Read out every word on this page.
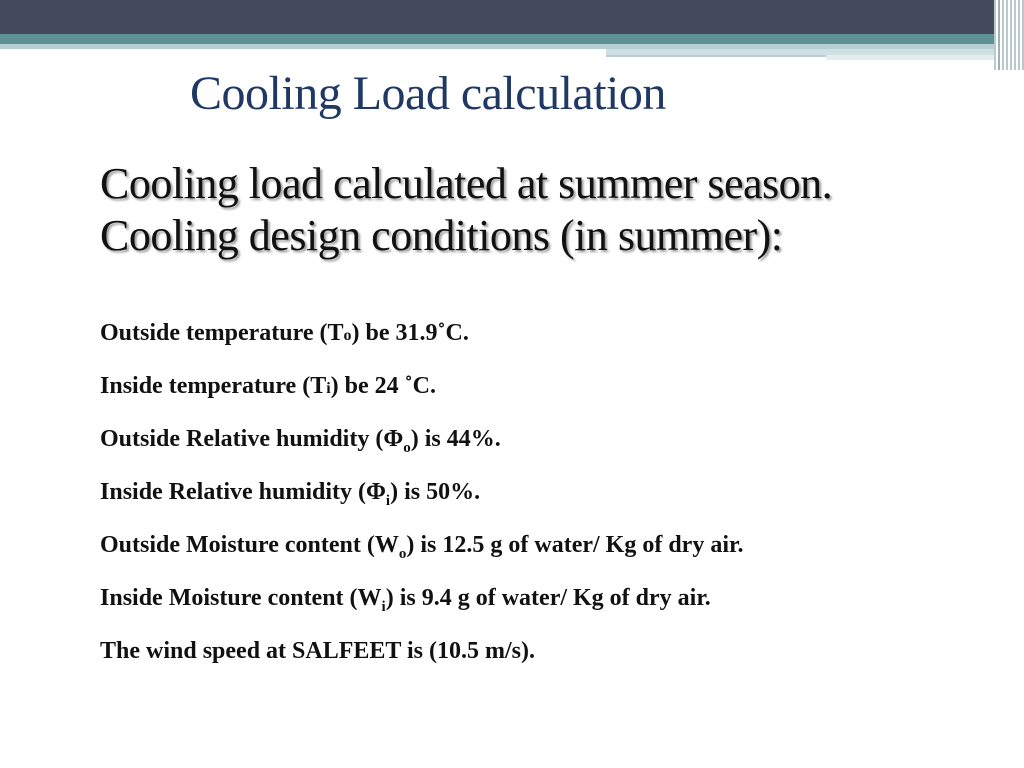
Cooling Load calculation
Cooling load calculated at summer season.
Cooling design conditions (in summer):
Outside temperature (To) be 31.9˚C.
Inside temperature (Ti) be 24 ˚C.
Outside Relative humidity $(\Phi_o)$ is 44%.
Inside Relative humidity $(\Phi_i)$ is 50%.
Outside Moisture content $(W_o)$ is 12.5 g of water/ Kg of dry air.
Inside Moisture content $(W_i)$ is 9.4 g of water/ Kg of dry air.
The wind speed at SALFEET is (10.5 m/s).
